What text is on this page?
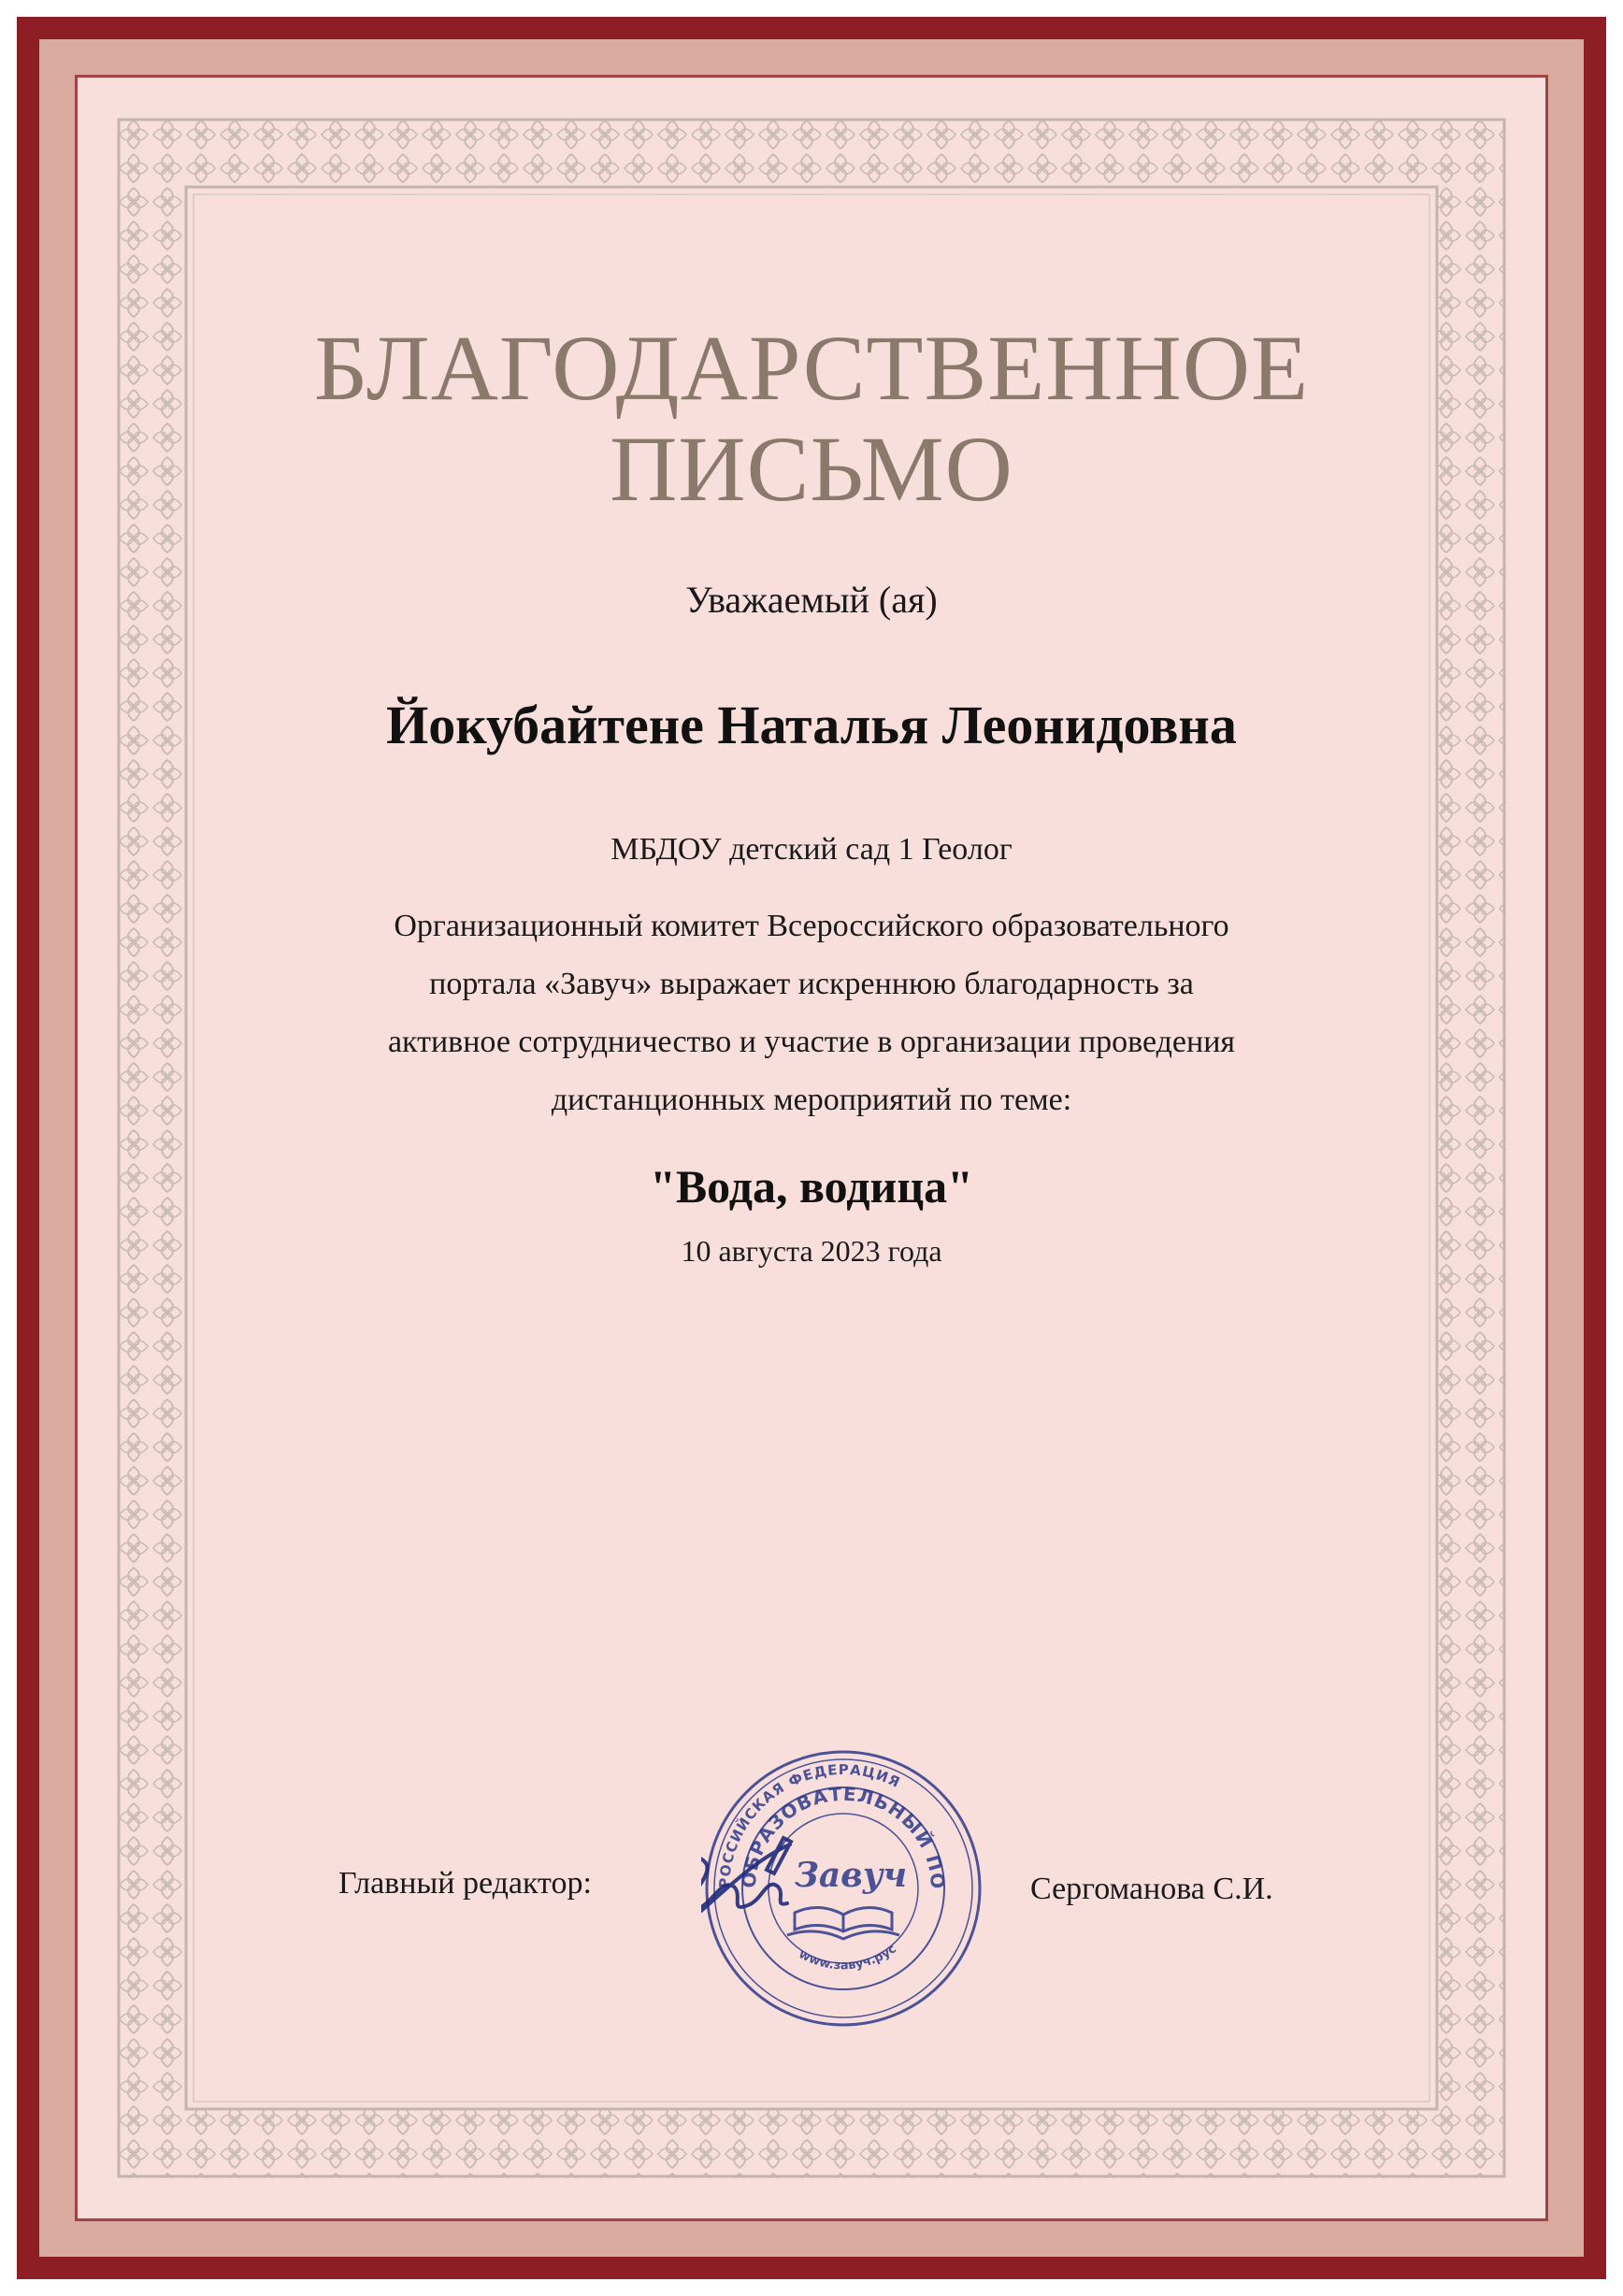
БЛАГОДАРСТВЕННОЕ
ПИСЬМО
Уважаемый (ая)
Йокубайтене Наталья Леонидовна
МБДОУ детский сад 1 Геолог
Организационный комитет Всероссийского образовательного
портала «Завуч» выражает искреннюю благодарность за
активное сотрудничество и участие в организации проведения
дистанционных мероприятий по теме:
"Вода, водица"
10 августа 2023 года
Главный редактор:	РОССИЙСКАЯ ФЕДЕРАЦИЯ
ОБРАЗОВАТЕЛЬНЫЙ ПО
www.завуч.рус
Завуч	Сергоманова С.И.
